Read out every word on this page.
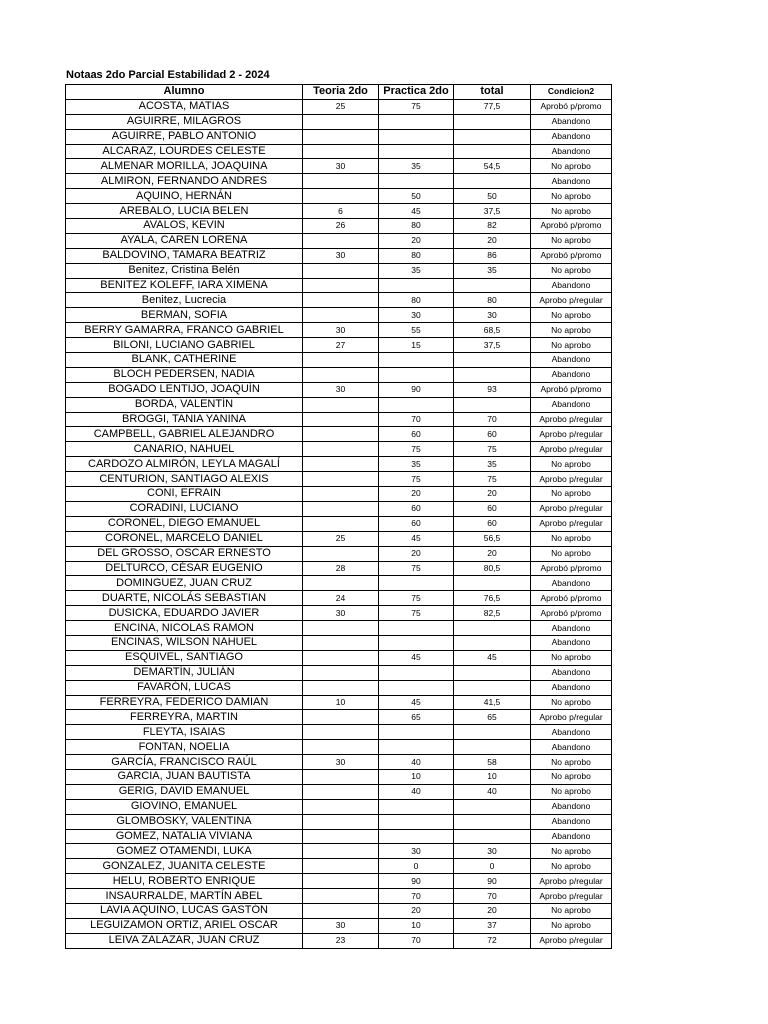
Notaas 2do Parcial Estabilidad 2 - 2024
Alumno	Teoria 2do	Practica 2do	total	Condicion2
ACOSTA, MATIAS	25	75	77,5	Aprobó p/promo
AGUIRRE, MILAGROS				Abandono
AGUIRRE, PABLO ANTONIO				Abandono
ALCARAZ, LOURDES CELESTE				Abandono
ALMENAR MORILLA, JOAQUINA	30	35	54,5	No aprobo
ALMIRON, FERNANDO ANDRES				Abandono
AQUINO, HERNÁN		50	50	No aprobo
AREBALO, LUCIA BELEN	6	45	37,5	No aprobo
AVALOS, KEVIN	26	80	82	Aprobó p/promo
AYALA, CAREN LORENA		20	20	No aprobo
BALDOVINO, TAMARA BEATRIZ	30	80	86	Aprobó p/promo
Benitez, Cristina Belén		35	35	No aprobo
BENITEZ KOLEFF, IARA XIMENA				Abandono
Benitez, Lucrecia		80	80	Aprobo p/regular
BERMAN, SOFIA		30	30	No aprobo
BERRY GAMARRA, FRANCO GABRIEL	30	55	68,5	No aprobo
BILONI, LUCIANO GABRIEL	27	15	37,5	No aprobo
BLANK, CATHERINE				Abandono
BLOCH PEDERSEN, NADIA				Abandono
BOGADO LENTIJO, JOAQUÍN	30	90	93	Aprobó p/promo
BORDA, VALENTÍN				Abandono
BROGGI, TANIA YANINA		70	70	Aprobo p/regular
CAMPBELL, GABRIEL ALEJANDRO		60	60	Aprobo p/regular
CANARIO, NAHUEL		75	75	Aprobo p/regular
CARDOZO ALMIRÓN, LEYLA MAGALÍ		35	35	No aprobo
CENTURION, SANTIAGO ALEXIS		75	75	Aprobo p/regular
CONI, EFRAIN		20	20	No aprobo
CORADINI, LUCIANO		60	60	Aprobo p/regular
CORONEL, DIEGO EMANUEL		60	60	Aprobo p/regular
CORONEL, MARCELO DANIEL	25	45	56,5	No aprobo
DEL GROSSO, OSCAR ERNESTO		20	20	No aprobo
DELTURCO, CÉSAR EUGENIO	28	75	80,5	Aprobó p/promo
DOMINGUEZ, JUAN CRUZ				Abandono
DUARTE, NICOLÁS SEBASTIAN	24	75	76,5	Aprobó p/promo
DUSICKA, EDUARDO JAVIER	30	75	82,5	Aprobó p/promo
ENCINA, NICOLAS RAMON				Abandono
ENCINAS, WILSON NAHUEL				Abandono
ESQUIVEL, SANTIAGO		45	45	No aprobo
DEMARTÍN, JULIÁN				Abandono
FAVARÓN, LUCAS				Abandono
FERREYRA, FEDERICO DAMIAN	10	45	41,5	No aprobo
FERREYRA, MARTIN		65	65	Aprobo p/regular
FLEYTA, ISAIAS				Abandono
FONTAN, NOELIA				Abandono
GARCÍA, FRANCISCO RAÚL	30	40	58	No aprobo
GARCIA, JUAN BAUTISTA		10	10	No aprobo
GERIG, DAVID EMANUEL		40	40	No aprobo
GIOVINO, EMANUEL				Abandono
GLOMBOSKY, VALENTINA				Abandono
GOMEZ, NATALIA VIVIANA				Abandono
GOMEZ OTAMENDI, LUKA		30	30	No aprobo
GONZALEZ, JUANITA CELESTE		0	0	No aprobo
HELU, ROBERTO ENRIQUE		90	90	Aprobo p/regular
INSAURRALDE, MARTÍN ABEL		70	70	Aprobo p/regular
LAVIA AQUINO, LUCAS GASTÓN		20	20	No aprobo
LEGUIZAMON ORTIZ, ARIEL OSCAR	30	10	37	No aprobo
LEIVA ZALAZAR, JUAN CRUZ	23	70	72	Aprobo p/regular
